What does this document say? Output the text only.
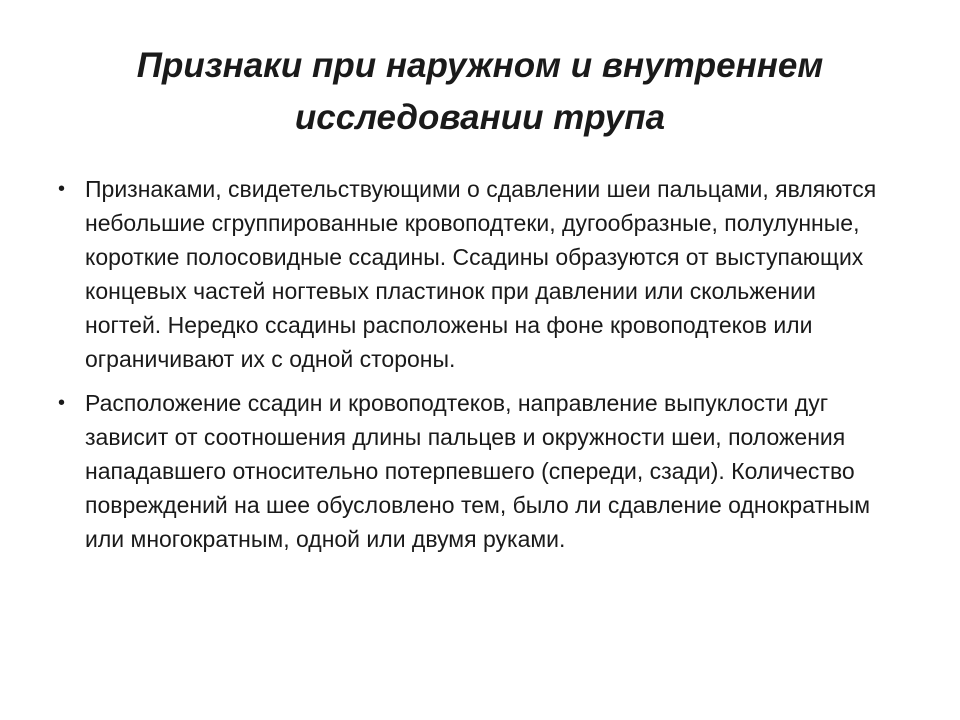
Признаки при наружном и внутреннем
исследовании трупа
• Признаками, свидетельствующими о сдавлении шеи пальцами, являются небольшие сгруппированные кровоподтеки, дугообразные, полулунные, короткие полосовидные ссадины. Ссадины образуются от выступающих концевых частей ногтевых пластинок при давлении или скольжении ногтей. Нередко ссадины расположены на фоне кровоподтеков или ограничивают их с одной стороны.
• Расположение ссадин и кровоподтеков, направление выпуклости дуг зависит от соотношения длины пальцев и окружности шеи, положения нападавшего относительно потерпевшего (спереди, сзади). Количество повреждений на шее обусловлено тем, было ли сдавление однократным или многократным, одной или двумя руками.
